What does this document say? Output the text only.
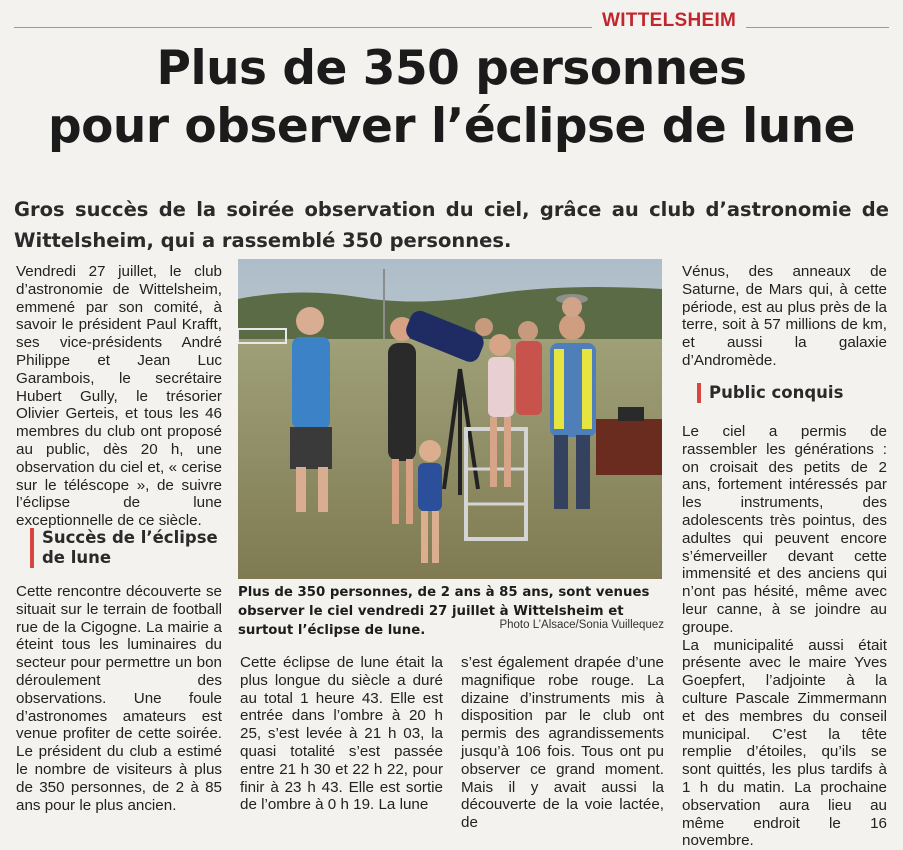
WITTELSHEIM
Plus de 350 personnes
pour observer l’éclipse de lune

Gros succès de la soirée observation du ciel, grâce au club d’astronomie de Wittelsheim, qui a rassemblé 350 personnes.

Vendredi 27 juillet, le club d’astronomie de Wittelsheim, emmené par son comité, à savoir le président Paul Krafft, ses vice-présidents André Philippe et Jean Luc Garambois, le secrétaire Hubert Gully, le trésorier Olivier Gerteis, et tous les 46 membres du club ont proposé au public, dès 20 h, une observation du ciel et, « cerise sur le téléscope », de suivre l’éclipse de lune exceptionnelle de ce siècle.

Succès de l’éclipse de lune

Cette rencontre découverte se situait sur le terrain de football rue de la Cigogne. La mairie a éteint tous les luminaires du secteur pour permettre un bon déroulement des observations. Une foule d’astronomes amateurs est venue profiter de cette soirée. Le président du club a estimé le nombre de visiteurs à plus de 350 personnes, de 2 à 85 ans pour le plus ancien.

Plus de 350 personnes, de 2 ans à 85 ans, sont venues observer le ciel vendredi 27 juillet à Wittelsheim et surtout l’éclipse de lune.	Photo L’Alsace/Sonia Vuillequez

Cette éclipse de lune était la plus longue du siècle a duré au total 1 heure 43. Elle est entrée dans l’ombre à 20 h 25, s’est levée à 21 h 03, la quasi totalité s’est passée entre 21 h 30 et 22 h 22, pour finir à 23 h 43. Elle est sortie de l’ombre à 0 h 19. La lune

s’est également drapée d’une magnifique robe rouge. La dizaine d’instruments mis à disposition par le club ont permis des agrandissements jusqu’à 106 fois. Tous ont pu observer ce grand moment. Mais il y avait aussi la découverte de la voie lactée, de

Vénus, des anneaux de Saturne, de Mars qui, à cette période, est au plus près de la terre, soit à 57 millions de km, et aussi la galaxie d’Andromède.

Public conquis

Le ciel a permis de rassembler les générations : on croisait des petits de 2 ans, fortement intéressés par les instruments, des adolescents très pointus, des adultes qui peuvent encore s’émerveiller devant cette immensité et des anciens qui n’ont pas hésité, même avec leur canne, à se joindre au groupe.

La municipalité aussi était présente avec le maire Yves Goepfert, l’adjointe à la culture Pascale Zimmermann et des membres du conseil municipal. C’est la tête remplie d’étoiles, qu’ils se sont quittés, les plus tardifs à 1 h du matin. La prochaine observation aura lieu au même endroit le 16 novembre.
